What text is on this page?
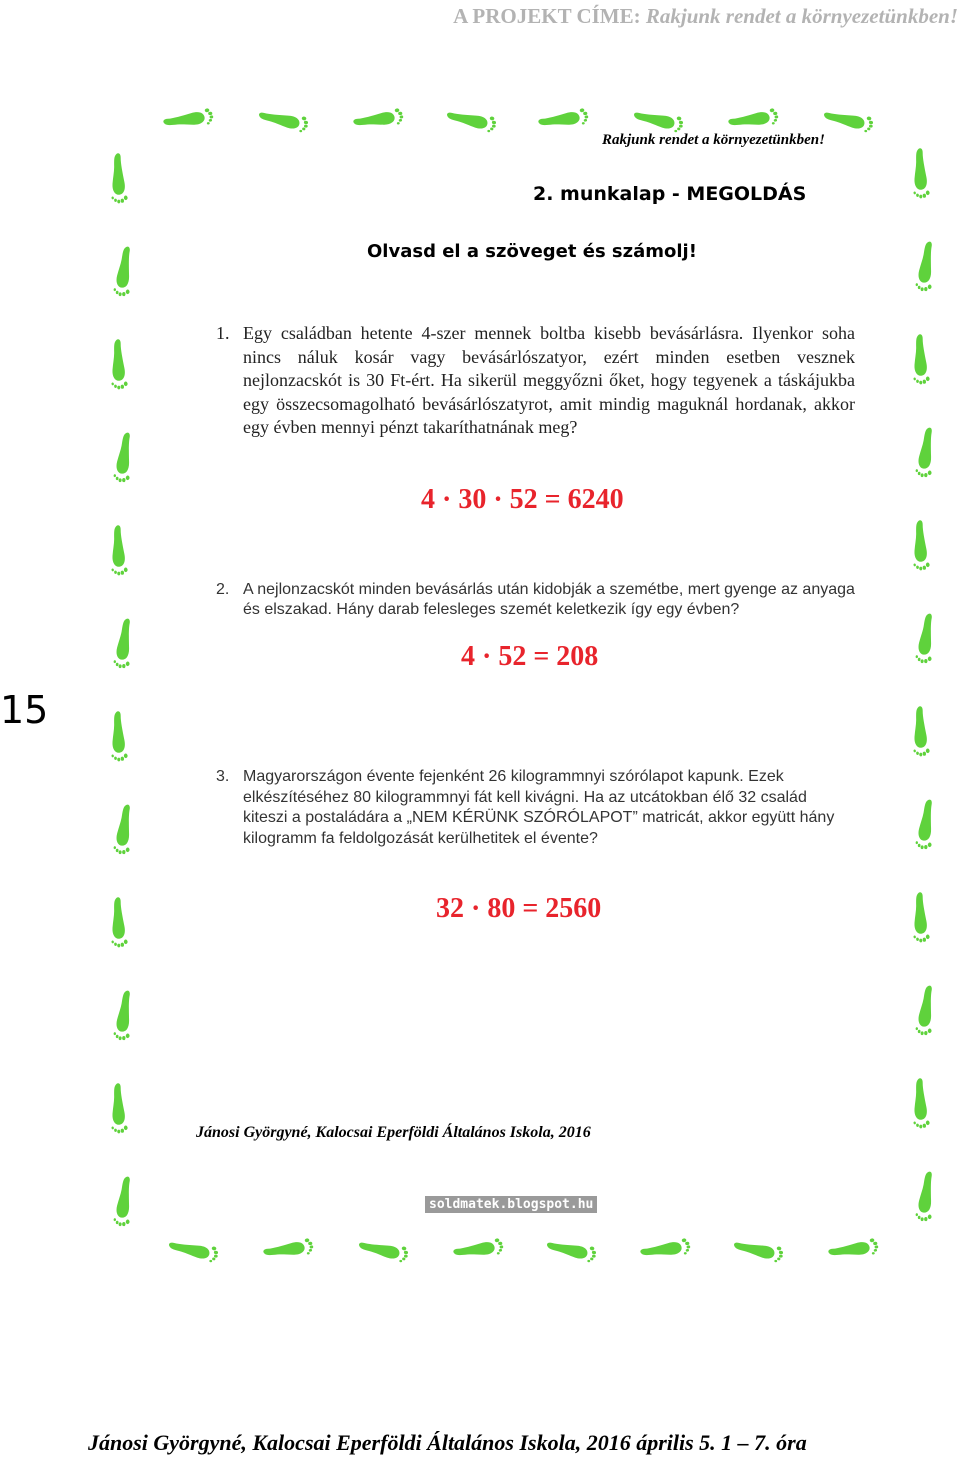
A PROJEKT CÍME: Rakjunk rendet a környezetünkben!
15
Rakjunk rendet a környezetünkben!
2. munkalap - MEGOLDÁS
Olvasd el a szöveget és számolj!
1. Egy családban hetente 4-szer mennek boltba kisebb bevásárlásra. Ilyenkor soha nincs náluk kosár vagy bevásárlószatyor, ezért minden esetben vesznek nejlonzacskót is 30 Ft-ért. Ha sikerül meggyőzni őket, hogy tegyenek a táskájukba egy összecsomagolható bevásárlószatyrot, amit mindig maguknál hordanak, akkor egy évben mennyi pénzt takaríthatnának meg?
4 · 30 · 52 = 6240
2. A nejlonzacskót minden bevásárlás után kidobják a szemétbe, mert gyenge az anyaga és elszakad. Hány darab felesleges szemét keletkezik így egy évben?
4 · 52 = 208
3. Magyarországon évente fejenként 26 kilogrammnyi szórólapot kapunk. Ezek elkészítéséhez 80 kilogrammnyi fát kell kivágni. Ha az utcátokban élő 32 család kiteszi a postaládára a „NEM KÉRÜNK SZÓRÓLAPOT” matricát, akkor együtt hány kilogramm fa feldolgozását kerülhetitek el évente?
32 · 80 = 2560
Jánosi Györgyné, Kalocsai Eperföldi Általános Iskola, 2016
soldmatek.blogspot.hu
Jánosi Györgyné, Kalocsai Eperföldi Általános Iskola, 2016 április 5. 1 – 7. óra
